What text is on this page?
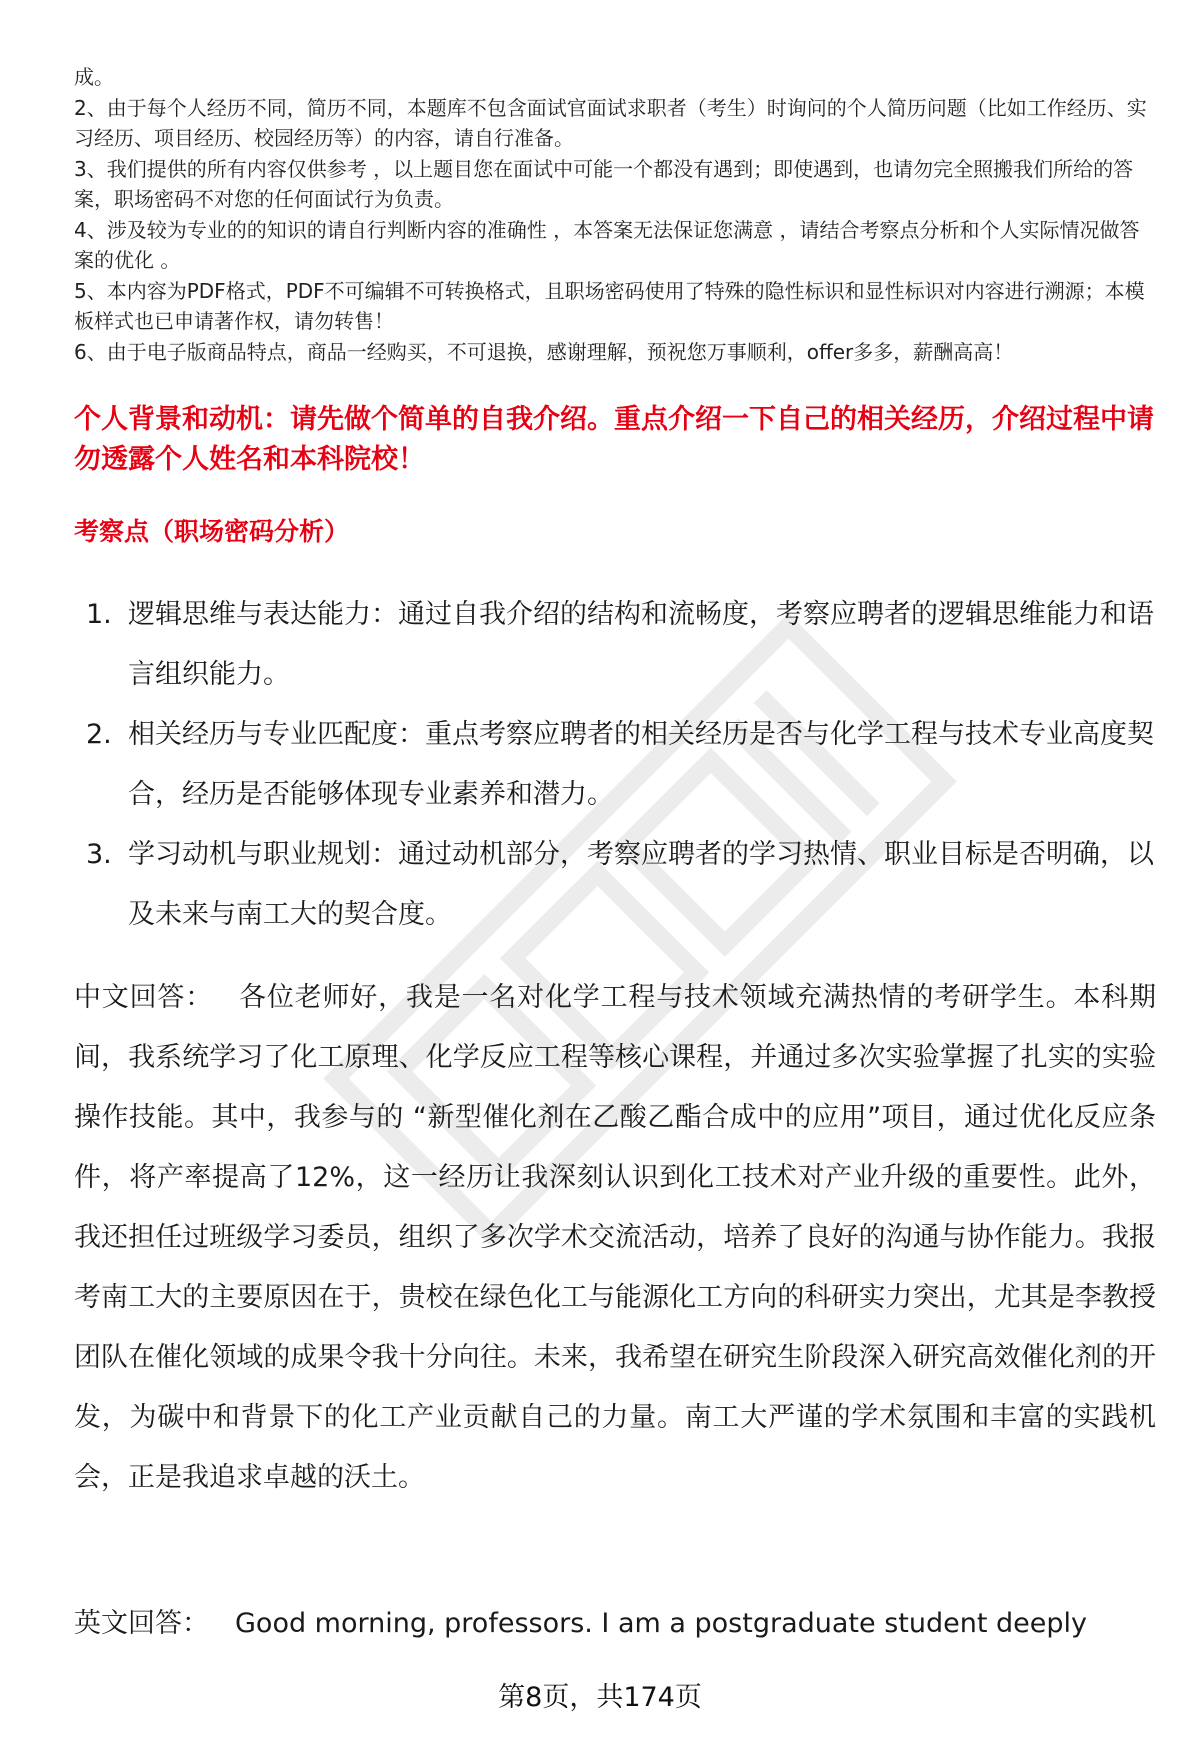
成。

2、由于每个人经历不同，简历不同，本题库不包含面试官面试求职者（考生）时询问的个人简历问题（比如工作经历、实习经历、项目经历、校园经历等）的内容，请自行准备。

3、我们提供的所有内容仅供参考 ，以上题目您在面试中可能一个都没有遇到；即使遇到，也请勿完全照搬我们所给的答案，职场密码不对您的任何面试行为负责。

4、涉及较为专业的的知识的请自行判断内容的准确性 ，本答案无法保证您满意 ，请结合考察点分析和个人实际情况做答案的优化 。

5、本内容为PDF格式，PDF不可编辑不可转换格式，且职场密码使用了特殊的隐性标识和显性标识对内容进行溯源；本模板样式也已申请著作权，请勿转售！

6、由于电子版商品特点，商品一经购买，不可退换，感谢理解，预祝您万事顺利，offer多多，薪酬高高！

个人背景和动机：请先做个简单的自我介绍。重点介绍一下自己的相关经历，介绍过程中请勿透露个人姓名和本科院校！
考察点（职场密码分析）
1. 逻辑思维与表达能力：通过自我介绍的结构和流畅度，考察应聘者的逻辑思维能力和语言组织能力。
2. 相关经历与专业匹配度：重点考察应聘者的相关经历是否与化学工程与技术专业高度契合，经历是否能够体现专业素养和潜力。
3. 学习动机与职业规划：通过动机部分，考察应聘者的学习热情、职业目标是否明确，以及未来与南工大的契合度。

中文回答： 各位老师好，我是一名对化学工程与技术领域充满热情的考研学生。本科期间，我系统学习了化工原理、化学反应工程等核心课程，并通过多次实验掌握了扎实的实验操作技能。其中，我参与的 “新型催化剂在乙酸乙酯合成中的应用”项目，通过优化反应条件，将产率提高了12%，这一经历让我深刻认识到化工技术对产业升级的重要性。此外，我还担任过班级学习委员，组织了多次学术交流活动，培养了良好的沟通与协作能力。我报考南工大的主要原因在于，贵校在绿色化工与能源化工方向的科研实力突出，尤其是李教授团队在催化领域的成果令我十分向往。未来，我希望在研究生阶段深入研究高效催化剂的开发，为碳中和背景下的化工产业贡献自己的力量。南工大严谨的学术氛围和丰富的实践机会，正是我追求卓越的沃土。

英文回答： Good morning, professors. I am a postgraduate student deeply

第8页，共174页
